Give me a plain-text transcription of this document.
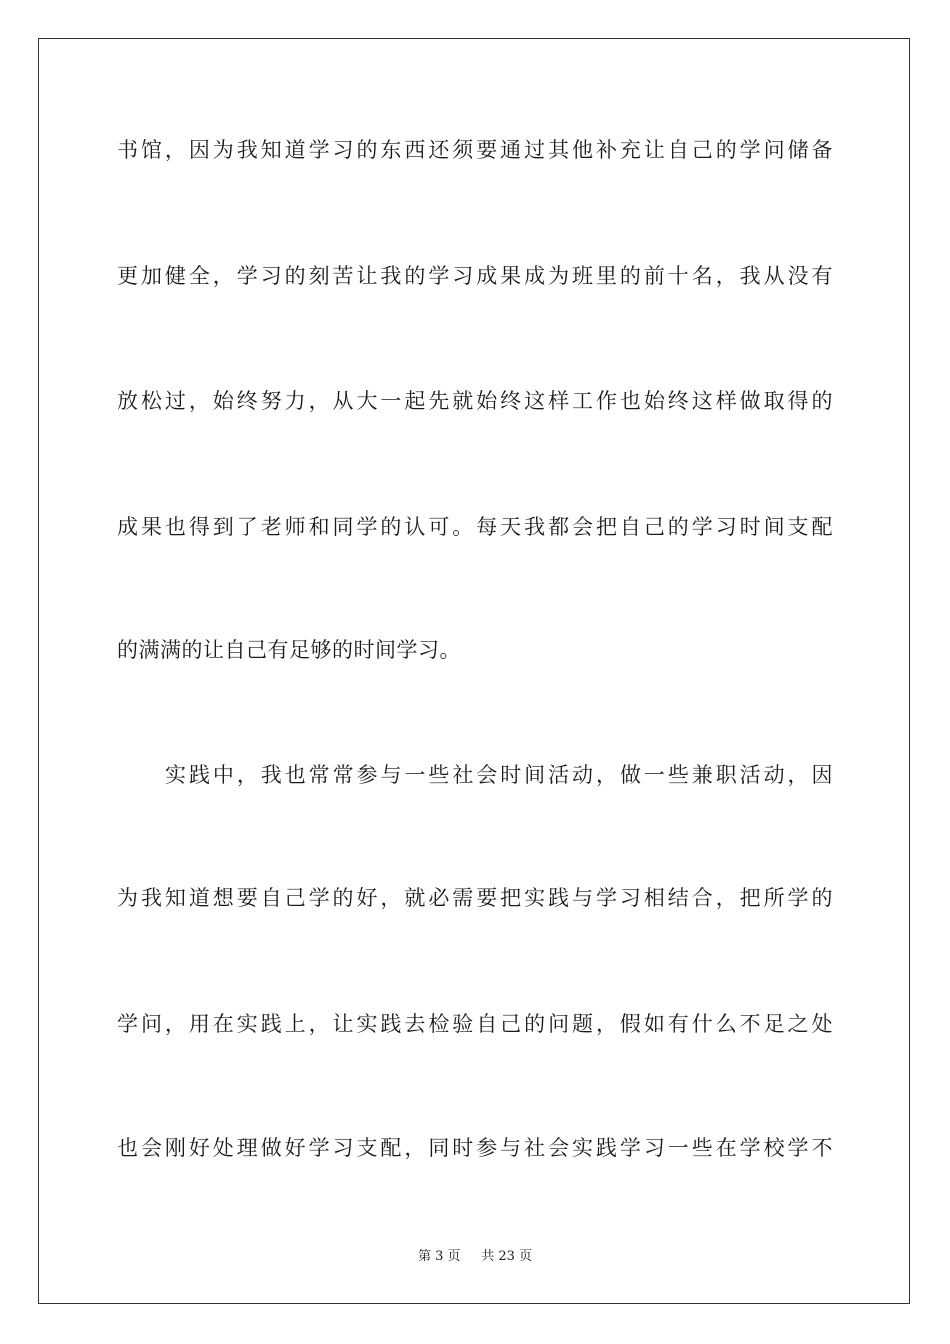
书馆，因为我知道学习的东西还须要通过其他补充让自己的学问储备
更加健全，学习的刻苦让我的学习成果成为班里的前十名，我从没有
放松过，始终努力，从大一起先就始终这样工作也始终这样做取得的
成果也得到了老师和同学的认可。每天我都会把自己的学习时间支配
的满满的让自己有足够的时间学习。
实践中，我也常常参与一些社会时间活动，做一些兼职活动，因
为我知道想要自己学的好，就必需要把实践与学习相结合，把所学的
学问，用在实践上，让实践去检验自己的问题，假如有什么不足之处
也会刚好处理做好学习支配，同时参与社会实践学习一些在学校学不
第 3 页 共 23 页
